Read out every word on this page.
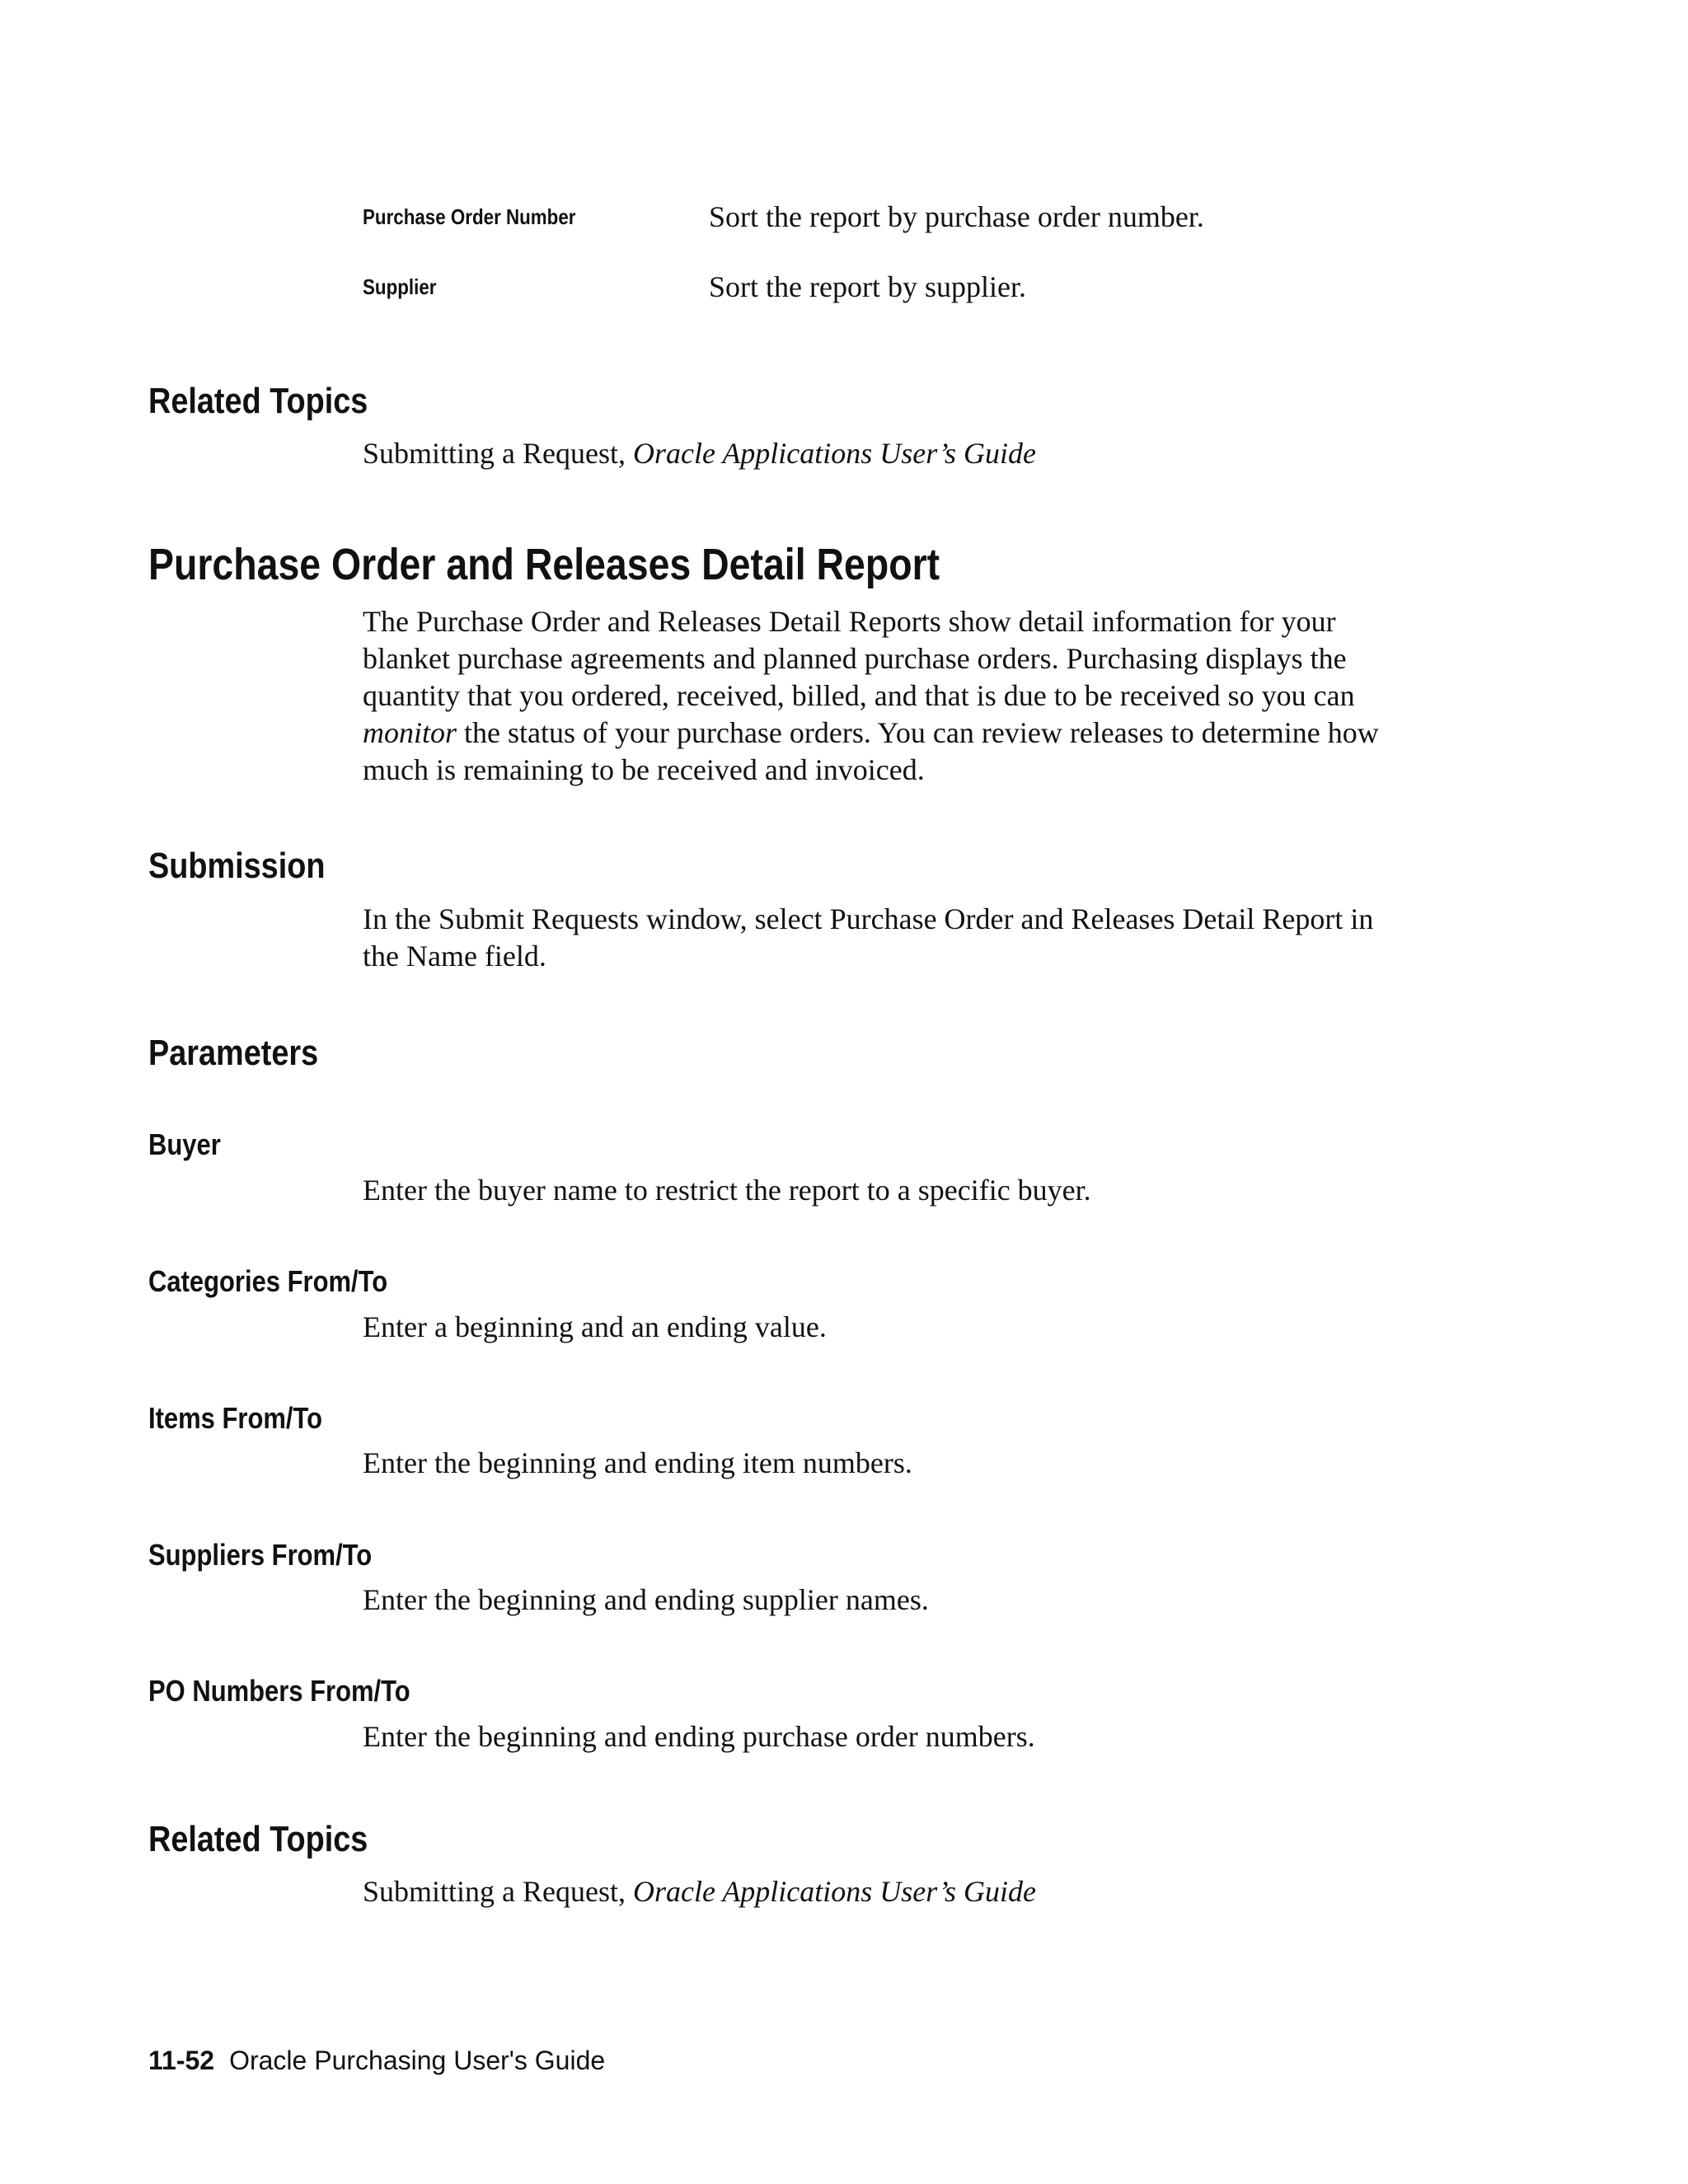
Purchase Order Number	Sort the report by purchase order number.
Supplier	Sort the report by supplier.
Related Topics
Submitting a Request, Oracle Applications User’s Guide
Purchase Order and Releases Detail Report
The Purchase Order and Releases Detail Reports show detail information for your
blanket purchase agreements and planned purchase orders. Purchasing displays the
quantity that you ordered, received, billed, and that is due to be received so you can
monitor the status of your purchase orders. You can review releases to determine how
much is remaining to be received and invoiced.
Submission
In the Submit Requests window, select Purchase Order and Releases Detail Report in
the Name field.
Parameters
Buyer
Enter the buyer name to restrict the report to a specific buyer.
Categories From/To
Enter a beginning and an ending value.
Items From/To
Enter the beginning and ending item numbers.
Suppliers From/To
Enter the beginning and ending supplier names.
PO Numbers From/To
Enter the beginning and ending purchase order numbers.
Related Topics
Submitting a Request, Oracle Applications User’s Guide
11-52 Oracle Purchasing User's Guide
